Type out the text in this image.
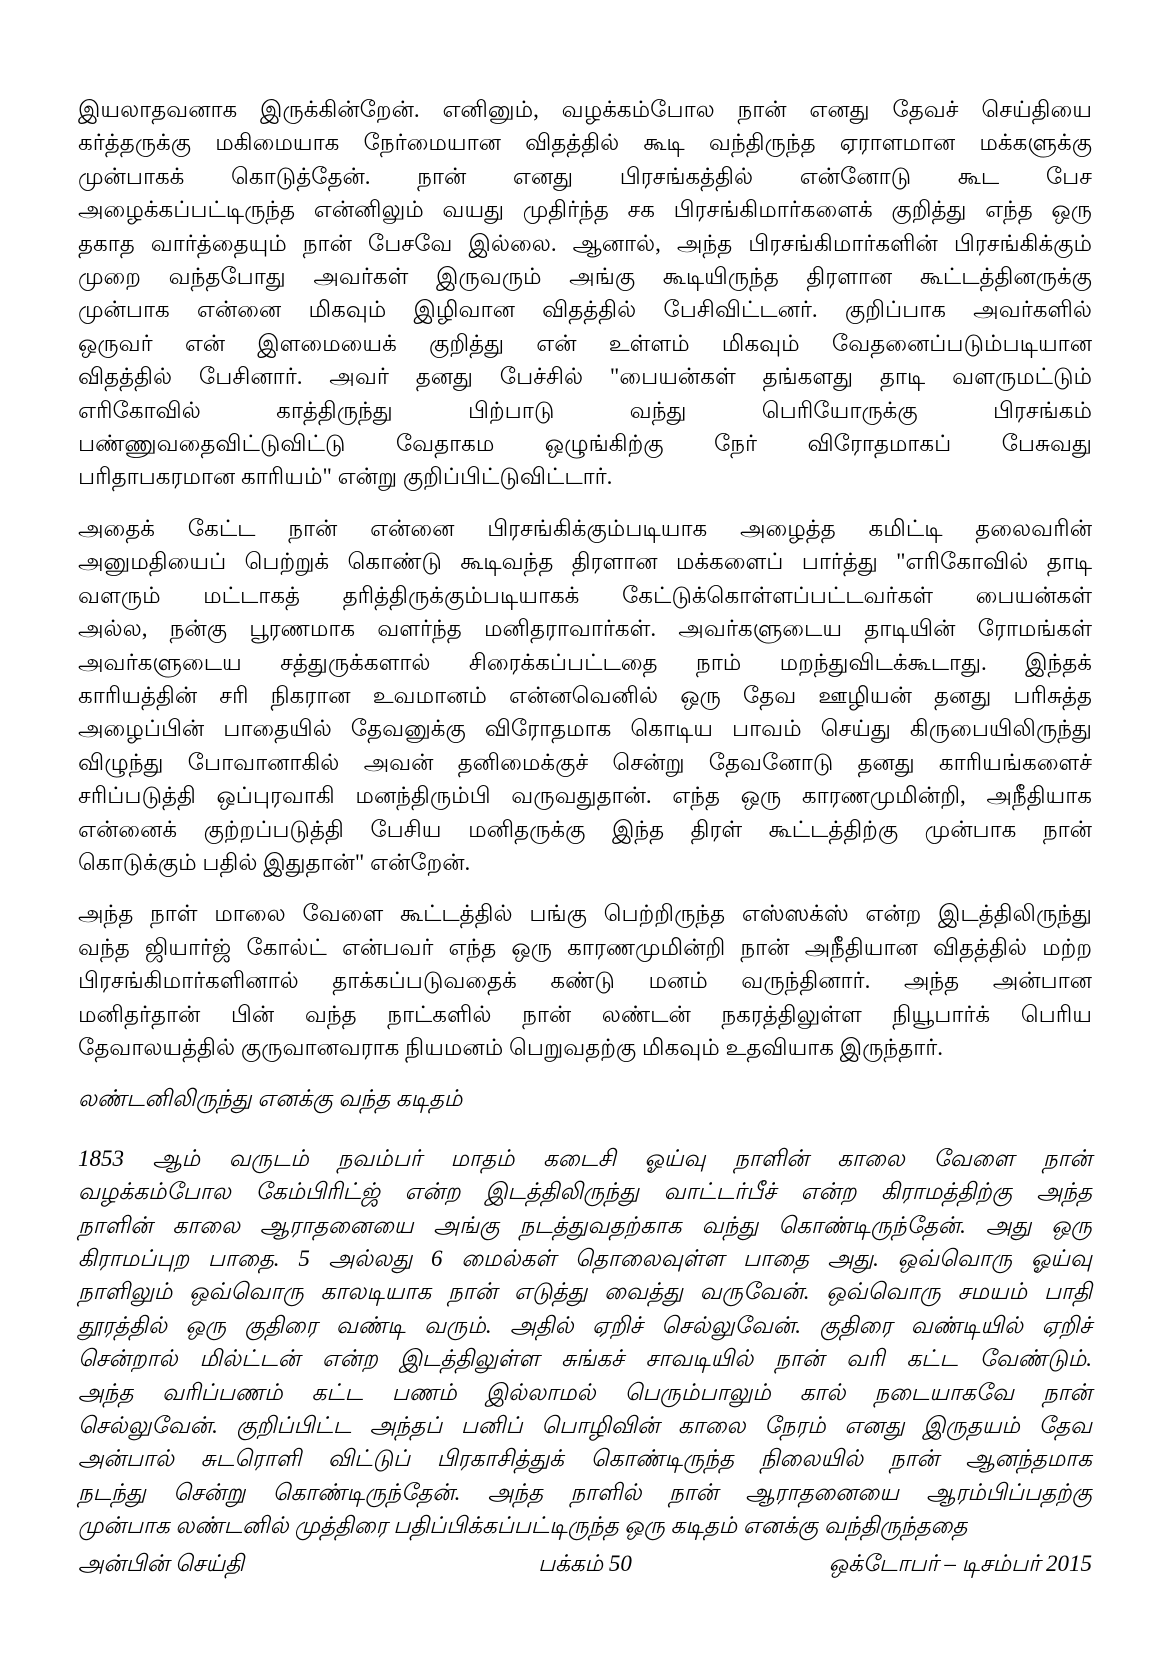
இயலாதவனாக இருக்கின்றேன். எனினும், வழக்கம்போல நான் எனது தேவச் செய்தியை
கர்த்தருக்கு மகிமையாக நேர்மையான விதத்தில் கூடி வந்திருந்த ஏராளமான மக்களுக்கு
முன்பாகக் கொடுத்தேன். நான் எனது பிரசங்கத்தில் என்னோடு கூட பேச
அழைக்கப்பட்டிருந்த என்னிலும் வயது முதிர்ந்த சக பிரசங்கிமார்களைக் குறித்து எந்த ஒரு
தகாத வார்த்தையும் நான் பேசவே இல்லை. ஆனால், அந்த பிரசங்கிமார்களின் பிரசங்கிக்கும்
முறை வந்தபோது அவர்கள் இருவரும் அங்கு கூடியிருந்த திரளான கூட்டத்தினருக்கு
முன்பாக என்னை மிகவும் இழிவான விதத்தில் பேசிவிட்டனர். குறிப்பாக அவர்களில்
ஒருவர் என் இளமையைக் குறித்து என் உள்ளம் மிகவும் வேதனைப்படும்படியான
விதத்தில் பேசினார். அவர் தனது பேச்சில் "பையன்கள் தங்களது தாடி வளருமட்டும்
எரிகோவில் காத்திருந்து பிற்பாடு வந்து பெரியோருக்கு பிரசங்கம்
பண்ணுவதைவிட்டுவிட்டு வேதாகம ஒழுங்கிற்கு நேர் விரோதமாகப் பேசுவது
பரிதாபகரமான காரியம்" என்று குறிப்பிட்டுவிட்டார்.
அதைக் கேட்ட நான் என்னை பிரசங்கிக்கும்படியாக அழைத்த கமிட்டி தலைவரின்
அனுமதியைப் பெற்றுக் கொண்டு கூடிவந்த திரளான மக்களைப் பார்த்து "எரிகோவில் தாடி
வளரும் மட்டாகத் தரித்திருக்கும்படியாகக் கேட்டுக்கொள்ளப்பட்டவர்கள் பையன்கள்
அல்ல, நன்கு பூரணமாக வளர்ந்த மனிதராவார்கள். அவர்களுடைய தாடியின் ரோமங்கள்
அவர்களுடைய சத்துருக்களால் சிரைக்கப்பட்டதை நாம் மறந்துவிடக்கூடாது. இந்தக்
காரியத்தின் சரி நிகரான உவமானம் என்னவெனில் ஒரு தேவ ஊழியன் தனது பரிசுத்த
அழைப்பின் பாதையில் தேவனுக்கு விரோதமாக கொடிய பாவம் செய்து கிருபையிலிருந்து
விழுந்து போவானாகில் அவன் தனிமைக்குச் சென்று தேவனோடு தனது காரியங்களைச்
சரிப்படுத்தி ஒப்புரவாகி மனந்திரும்பி வருவதுதான். எந்த ஒரு காரணமுமின்றி, அநீதியாக
என்னைக் குற்றப்படுத்தி பேசிய மனிதருக்கு இந்த திரள் கூட்டத்திற்கு முன்பாக நான்
கொடுக்கும் பதில் இதுதான்" என்றேன்.
அந்த நாள் மாலை வேளை கூட்டத்தில் பங்கு பெற்றிருந்த எஸ்ஸக்ஸ் என்ற இடத்திலிருந்து
வந்த ஜியார்ஜ் கோல்ட் என்பவர் எந்த ஒரு காரணமுமின்றி நான் அநீதியான விதத்தில் மற்ற
பிரசங்கிமார்களினால் தாக்கப்படுவதைக் கண்டு மனம் வருந்தினார். அந்த அன்பான
மனிதர்தான் பின் வந்த நாட்களில் நான் லண்டன் நகரத்திலுள்ள நியூபார்க் பெரிய
தேவாலயத்தில் குருவானவராக நியமனம் பெறுவதற்கு மிகவும் உதவியாக இருந்தார்.
லண்டனிலிருந்து எனக்கு வந்த கடிதம்
1853 ஆம் வருடம் நவம்பர் மாதம் கடைசி ஓய்வு நாளின் காலை வேளை நான்
வழக்கம்போல கேம்பிரிட்ஜ் என்ற இடத்திலிருந்து வாட்டர்பீச் என்ற கிராமத்திற்கு அந்த
நாளின் காலை ஆராதனையை அங்கு நடத்துவதற்காக வந்து கொண்டிருந்தேன். அது ஒரு
கிராமப்புற பாதை. 5 அல்லது 6 மைல்கள் தொலைவுள்ள பாதை அது. ஒவ்வொரு ஓய்வு
நாளிலும் ஒவ்வொரு காலடியாக நான் எடுத்து வைத்து வருவேன். ஒவ்வொரு சமயம் பாதி
தூரத்தில் ஒரு குதிரை வண்டி வரும். அதில் ஏறிச் செல்லுவேன். குதிரை வண்டியில் ஏறிச்
சென்றால் மில்ட்டன் என்ற இடத்திலுள்ள சுங்கச் சாவடியில் நான் வரி கட்ட வேண்டும்.
அந்த வரிப்பணம் கட்ட பணம் இல்லாமல் பெரும்பாலும் கால் நடையாகவே நான்
செல்லுவேன். குறிப்பிட்ட அந்தப் பனிப் பொழிவின் காலை நேரம் எனது இருதயம் தேவ
அன்பால் சுடரொளி விட்டுப் பிரகாசித்துக் கொண்டிருந்த நிலையில் நான் ஆனந்தமாக
நடந்து சென்று கொண்டிருந்தேன். அந்த நாளில் நான் ஆராதனையை ஆரம்பிப்பதற்கு
முன்பாக லண்டனில் முத்திரை பதிப்பிக்கப்பட்டிருந்த ஒரு கடிதம் எனக்கு வந்திருந்ததை
அன்பின் செய்தி	பக்கம் 50	ஒக்டோபர் – டிசம்பர் 2015
